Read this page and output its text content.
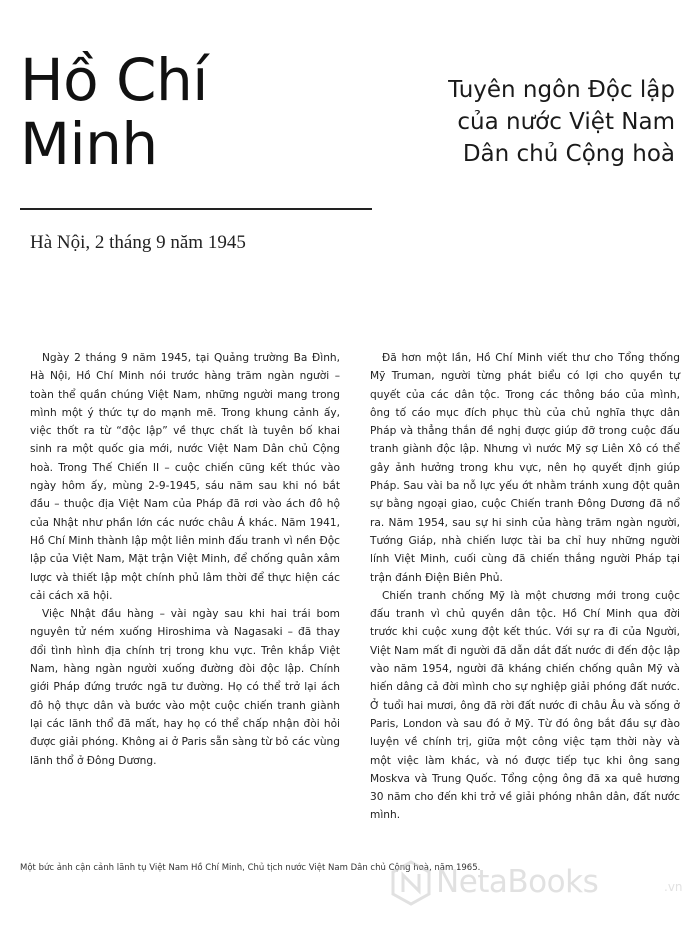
Hồ Chí
Minh
Tuyên ngôn Độc lập
của nước Việt Nam
Dân chủ Cộng hoà
Hà Nội, 2 tháng 9 năm 1945

Ngày 2 tháng 9 năm 1945, tại Quảng trường Ba Đình, Hà Nội, Hồ Chí Minh nói trước hàng trăm ngàn người – toàn thể quần chúng Việt Nam, những người mang trong mình một ý thức tự do mạnh mẽ. Trong khung cảnh ấy, việc thốt ra từ “độc lập” về thực chất là tuyên bố khai sinh ra một quốc gia mới, nước Việt Nam Dân chủ Cộng hoà. Trong Thế Chiến II – cuộc chiến cũng kết thúc vào ngày hôm ấy, mùng 2-9-1945, sáu năm sau khi nó bắt đầu – thuộc địa Việt Nam của Pháp đã rơi vào ách đô hộ của Nhật như phần lớn các nước châu Á khác. Năm 1941, Hồ Chí Minh thành lập một liên minh đấu tranh vì nền Độc lập của Việt Nam, Mặt trận Việt Minh, để chống quân xâm lược và thiết lập một chính phủ lâm thời để thực hiện các cải cách xã hội.

Việc Nhật đầu hàng – vài ngày sau khi hai trái bom nguyên tử ném xuống Hiroshima và Nagasaki – đã thay đổi tình hình địa chính trị trong khu vực. Trên khắp Việt Nam, hàng ngàn người xuống đường đòi độc lập. Chính giới Pháp đứng trước ngã tư đường. Họ có thể trở lại ách đô hộ thực dân và bước vào một cuộc chiến tranh giành lại các lãnh thổ đã mất, hay họ có thể chấp nhận đòi hỏi được giải phóng. Không ai ở Paris sẵn sàng từ bỏ các vùng lãnh thổ ở Đông Dương.

Đã hơn một lần, Hồ Chí Minh viết thư cho Tổng thống Mỹ Truman, người từng phát biểu có lợi cho quyền tự quyết của các dân tộc. Trong các thông báo của mình, ông tố cáo mục đích phục thù của chủ nghĩa thực dân Pháp và thẳng thắn đề nghị được giúp đỡ trong cuộc đấu tranh giành độc lập. Nhưng vì nước Mỹ sợ Liên Xô có thể gây ảnh hưởng trong khu vực, nên họ quyết định giúp Pháp. Sau vài ba nỗ lực yếu ớt nhằm tránh xung đột quân sự bằng ngoại giao, cuộc Chiến tranh Đông Dương đã nổ ra. Năm 1954, sau sự hi sinh của hàng trăm ngàn người, Tướng Giáp, nhà chiến lược tài ba chỉ huy những người lính Việt Minh, cuối cùng đã chiến thắng người Pháp tại trận đánh Điện Biên Phủ.

Chiến tranh chống Mỹ là một chương mới trong cuộc đấu tranh vì chủ quyền dân tộc. Hồ Chí Minh qua đời trước khi cuộc xung đột kết thúc. Với sự ra đi của Người, Việt Nam mất đi người đã dẫn dắt đất nước đi đến độc lập vào năm 1954, người đã kháng chiến chống quân Mỹ và hiến dâng cả đời mình cho sự nghiệp giải phóng đất nước. Ở tuổi hai mươi, ông đã rời đất nước đi châu Âu và sống ở Paris, London và sau đó ở Mỹ. Từ đó ông bắt đầu sự đào luyện về chính trị, giữa một công việc tạm thời này và một việc làm khác, và nó được tiếp tục khi ông sang Moskva và Trung Quốc. Tổng cộng ông đã xa quê hương 30 năm cho đến khi trở về giải phóng nhân dân, đất nước mình.

Một bức ảnh cận cảnh lãnh tụ Việt Nam Hồ Chí Minh, Chủ tịch nước Việt Nam Dân chủ Cộng hoà, năm 1965.
NetaBooks	.vn
